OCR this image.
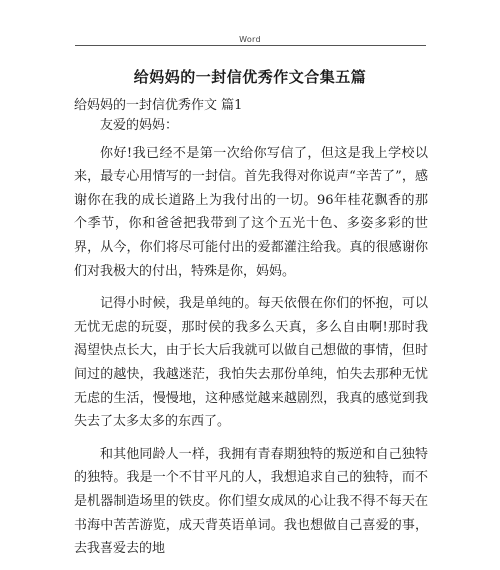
Word
给妈妈的一封信优秀作文合集五篇
给妈妈的一封信优秀作文 篇1

友爱的妈妈：

你好!我已经不是第一次给你写信了，但这是我上学校以来，最专心用情写的一封信。首先我得对你说声“辛苦了”，感谢你在我的成长道路上为我付出的一切。96年桂花飘香的那个季节，你和爸爸把我带到了这个五光十色、多姿多彩的世界，从今，你们将尽可能付出的爱都灌注给我。真的很感谢你们对我极大的付出，特殊是你，妈妈。

记得小时候，我是单纯的。每天依偎在你们的怀抱，可以无忧无虑的玩耍，那时侯的我多么天真，多么自由啊!那时我渴望快点长大，由于长大后我就可以做自己想做的事情，但时间过的越快，我越迷茫，我怕失去那份单纯，怕失去那种无忧无虑的生活，慢慢地，这种感觉越来越剧烈，我真的感觉到我失去了太多太多的东西了。

和其他同龄人一样，我拥有青春期独特的叛逆和自己独特的独特。我是一个不甘平凡的人，我想追求自己的独特，而不是机器制造场里的铁皮。你们望女成凤的心让我不得不每天在书海中苦苦游览，成天背英语单词。我也想做自己喜爱的事，去我喜爱去的地
